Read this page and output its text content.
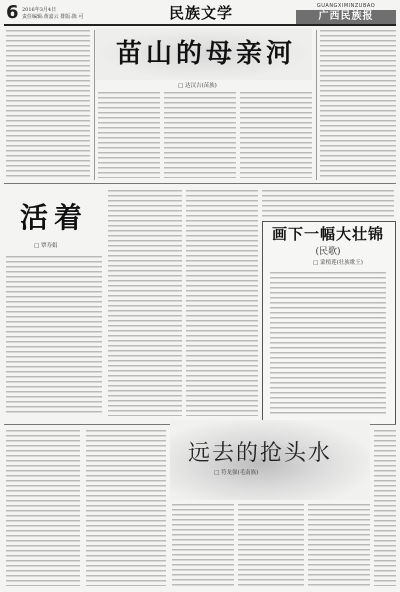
6 2016年3月4日
责任编辑:黄嘉云 排版:陈 可	民族文学	GUANGXIMINZUBAO
广西民族报
苗山的母亲河
□ 达汉吉(苗族)
活着
□ 覃寿娟
画下一幅大壮锦
(民歌)
□ 蒙植莲(壮族歌王)
远去的抢头水
□ 符龙强(毛南族)
